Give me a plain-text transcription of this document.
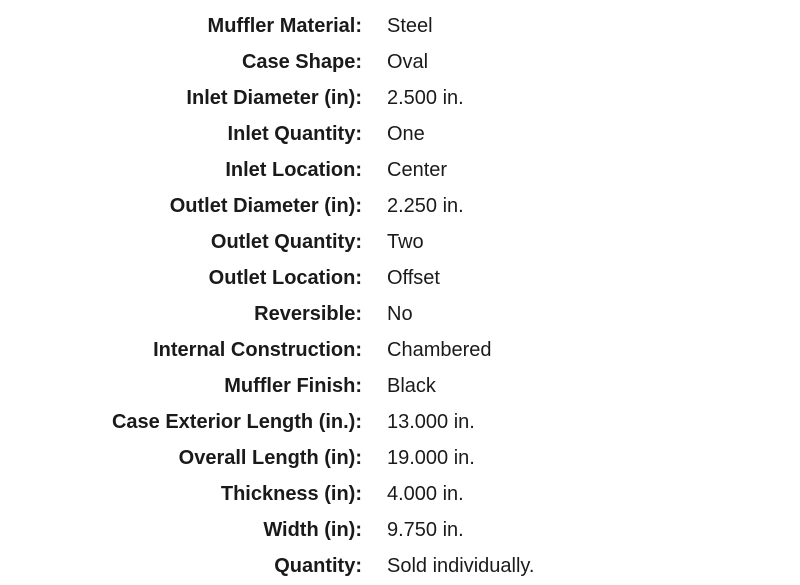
Muffler Material: Steel
Case Shape: Oval
Inlet Diameter (in): 2.500 in.
Inlet Quantity: One
Inlet Location: Center
Outlet Diameter (in): 2.250 in.
Outlet Quantity: Two
Outlet Location: Offset
Reversible: No
Internal Construction: Chambered
Muffler Finish: Black
Case Exterior Length (in.): 13.000 in.
Overall Length (in): 19.000 in.
Thickness (in): 4.000 in.
Width (in): 9.750 in.
Quantity: Sold individually.
